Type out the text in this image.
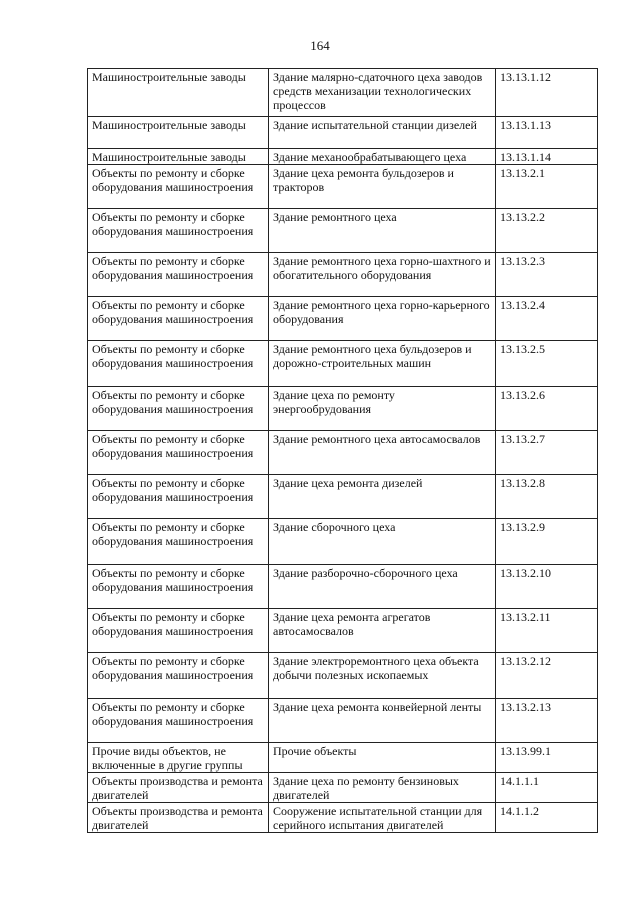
164
Машиностроительные заводы	Здание малярно-сдаточного цеха заводов средств механизации технологических процессов	13.13.1.12
Машиностроительные заводы	Здание испытательной станции дизелей	13.13.1.13
Машиностроительные заводы	Здание механообрабатывающего цеха	13.13.1.14
Объекты по ремонту и сборке оборудования машиностроения	Здание цеха ремонта бульдозеров и тракторов	13.13.2.1
Объекты по ремонту и сборке оборудования машиностроения	Здание ремонтного цеха	13.13.2.2
Объекты по ремонту и сборке оборудования машиностроения	Здание ремонтного цеха горно-шахтного и обогатительного оборудования	13.13.2.3
Объекты по ремонту и сборке оборудования машиностроения	Здание ремонтного цеха горно-карьерного оборудования	13.13.2.4
Объекты по ремонту и сборке оборудования машиностроения	Здание ремонтного цеха бульдозеров и дорожно-строительных машин	13.13.2.5
Объекты по ремонту и сборке оборудования машиностроения	Здание цеха по ремонту энергообрудования	13.13.2.6
Объекты по ремонту и сборке оборудования машиностроения	Здание ремонтного цеха автосамосвалов	13.13.2.7
Объекты по ремонту и сборке оборудования машиностроения	Здание цеха ремонта дизелей	13.13.2.8
Объекты по ремонту и сборке оборудования машиностроения	Здание сборочного цеха	13.13.2.9
Объекты по ремонту и сборке оборудования машиностроения	Здание разборочно-сборочного цеха	13.13.2.10
Объекты по ремонту и сборке оборудования машиностроения	Здание цеха ремонта агрегатов автосамосвалов	13.13.2.11
Объекты по ремонту и сборке оборудования машиностроения	Здание электроремонтного цеха объекта добычи полезных ископаемых	13.13.2.12
Объекты по ремонту и сборке оборудования машиностроения	Здание цеха ремонта конвейерной ленты	13.13.2.13
Прочие виды объектов, не включенные в другие группы	Прочие объекты	13.13.99.1
Объекты производства и ремонта двигателей	Здание цеха по ремонту бензиновых двигателей	14.1.1.1
Объекты производства и ремонта двигателей	Сооружение испытательной станции для серийного испытания двигателей	14.1.1.2
